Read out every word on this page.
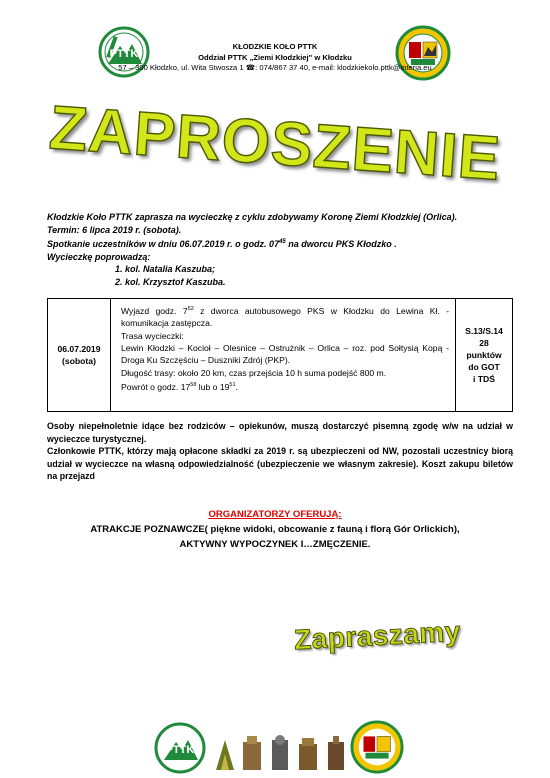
PTTK
KŁODZKIE KOŁO PTTK
Oddział PTTK „Ziemi Kłodzkiej" w Kłodzku
57 – 300 Kłodzko, ul. Wita Stwosza 1 ☎: 074/867 37 40, e-mail: klodzkiekolo.pttk@interia.eu
ZAPROSZENIE

Kłodzkie Koło PTTK zaprasza na wycieczkę z cyklu zdobywamy Koronę Ziemi Kłodzkiej (Orlica).

Termin: 6 lipca 2019 r. (sobota).

Spotkanie uczestników w dniu 06.07.2019 r. o godz. $07^{45}$ na dworcu PKS Kłodzko .

Wycieczkę poprowadzą:

1. kol. Natalia Kaszuba;

2. kol. Krzysztof Kaszuba.

06.07.2019
(sobota)
Wyjazd godz. $7^{52}$ z dworca autobusowego PKS w Kłodzku do Lewina Kł. - komunikacja zastępcza.
Trasa wycieczki:
Lewin Kłodzki – Kocioł – Olesnice – Ostrużnik – Orlica – roz. pod Sołtysią Kopą - Droga Ku Szczęściu – Duszniki Zdrój (PKP).
Długość trasy: około 20 km, czas przejścia 10 h suma podejść 800 m.
Powrót o godz. $17^{58}$ lub o $19^{51}$.
S.13/S.14
28
punktów
do GOT
i TDŚ

Osoby niepełnoletnie idące bez rodziców – opiekunów, muszą dostarczyć pisemną zgodę w/w na udział w wycieczce turystycznej.

Członkowie PTTK, którzy mają opłacone składki za 2019 r. są ubezpieczeni od NW, pozostali uczestnicy biorą udział w wycieczce na własną odpowiedzialność (ubezpieczenie we własnym zakresie). Koszt zakupu biletów na przejazd

ORGANIZATORZY OFERUJĄ:
ATRAKCJE POZNAWCZE( piękne widoki, obcowanie z fauną i florą Gór Orlickich),
AKTYWNY WYPOCZYNEK I…ZMĘCZENIE.
Zapraszamy
PTTK
